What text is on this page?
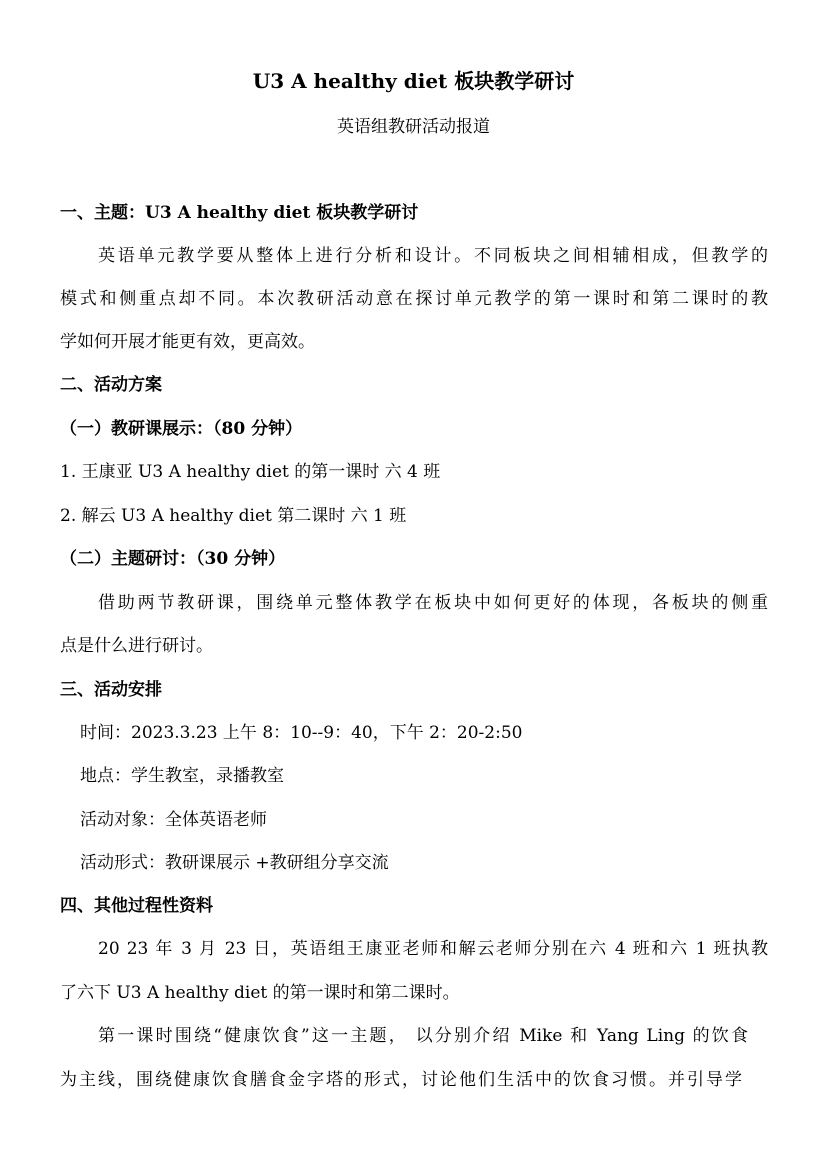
U3 A healthy diet 板块教学研讨
英语组教研活动报道
一、主题：U3 A healthy diet 板块教学研讨
英语单元教学要从整体上进行分析和设计。不同板块之间相辅相成，但教学的
模式和侧重点却不同。本次教研活动意在探讨单元教学的第一课时和第二课时的教
学如何开展才能更有效，更高效。
二、活动方案
（一）教研课展示：（80 分钟）
1. 王康亚 U3 A healthy diet 的第一课时 六 4 班
2. 解云 U3 A healthy diet 第二课时 六 1 班
（二）主题研讨：（30 分钟）
借助两节教研课，围绕单元整体教学在板块中如何更好的体现，各板块的侧重
点是什么进行研讨。
三、活动安排
时间：2023.3.23 上午 8：10--9：40，下午 2：20-2:50
地点：学生教室，录播教室
活动对象：全体英语老师
活动形式：教研课展示 +教研组分享交流
四、其他过程性资料
20 23 年 3 月 23 日，英语组王康亚老师和解云老师分别在六 4 班和六 1 班执教
了六下 U3 A healthy diet 的第一课时和第二课时。
第一课时围绕“健康饮食”这一主题， 以分别介绍 Mike 和 Yang Ling 的饮食
为主线，围绕健康饮食膳食金字塔的形式，讨论他们生活中的饮食习惯。并引导学
